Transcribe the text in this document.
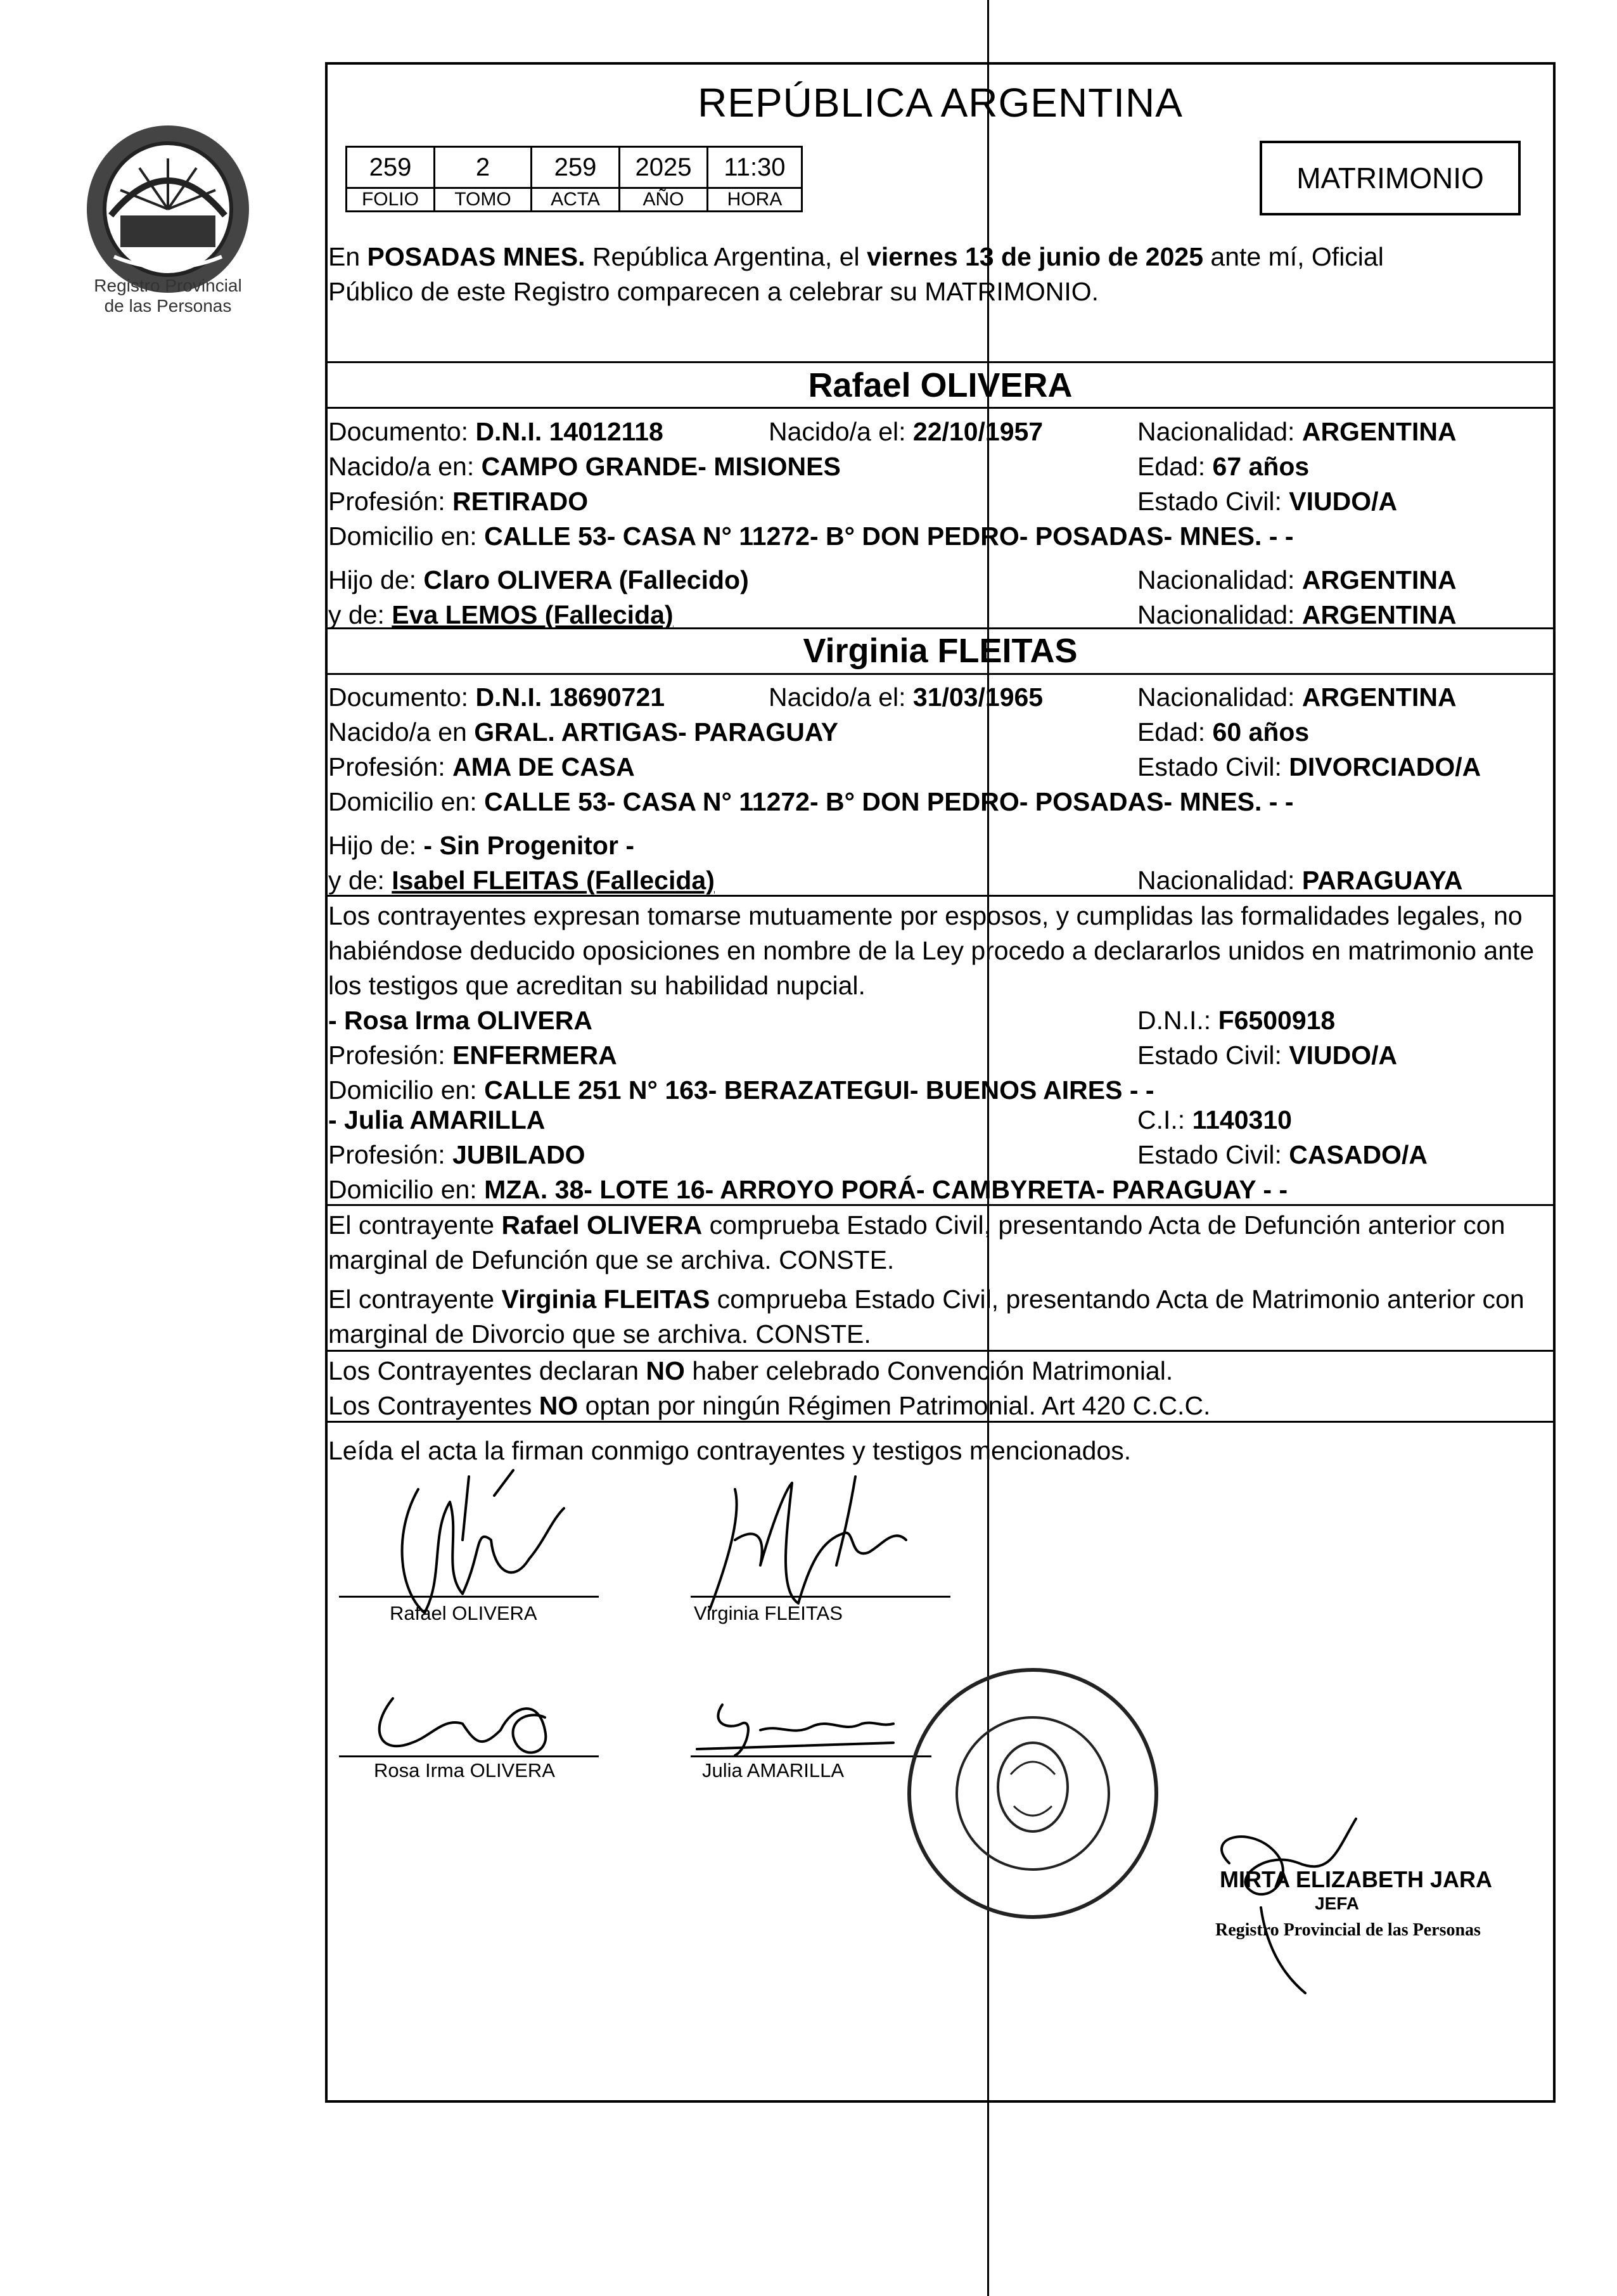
Registro Provincial
de las Personas
REPÚBLICA ARGENTINA
259	2	259	2025	11:30
FOLIO	TOMO	ACTA	AÑO	HORA
MATRIMONIO
En POSADAS MNES. República Argentina, el viernes 13 de junio de 2025 ante mí, Oficial
Público de este Registro comparecen a celebrar su MATRIMONIO.
Rafael OLIVERA
Documento: D.N.I. 14012118	Nacido/a el: 22/10/1957	Nacionalidad: ARGENTINA
Nacido/a en: CAMPO GRANDE- MISIONES	Edad: 67 años
Profesión: RETIRADO	Estado Civil: VIUDO/A
Domicilio en: CALLE 53- CASA N° 11272- B° DON PEDRO- POSADAS- MNES. - -
Hijo de: Claro OLIVERA (Fallecido)	Nacionalidad: ARGENTINA
y de: Eva LEMOS (Fallecida)	Nacionalidad: ARGENTINA
Virginia FLEITAS
Documento: D.N.I. 18690721	Nacido/a el: 31/03/1965	Nacionalidad: ARGENTINA
Nacido/a en GRAL. ARTIGAS- PARAGUAY	Edad: 60 años
Profesión: AMA DE CASA	Estado Civil: DIVORCIADO/A
Domicilio en: CALLE 53- CASA N° 11272- B° DON PEDRO- POSADAS- MNES. - -
Hijo de: - Sin Progenitor -
y de: Isabel FLEITAS (Fallecida)	Nacionalidad: PARAGUAYA
Los contrayentes expresan tomarse mutuamente por esposos, y cumplidas las formalidades legales, no
habiéndose deducido oposiciones en nombre de la Ley procedo a declararlos unidos en matrimonio ante
los testigos que acreditan su habilidad nupcial.
- Rosa Irma OLIVERA	D.N.I.: F6500918
Profesión: ENFERMERA	Estado Civil: VIUDO/A
Domicilio en: CALLE 251 N° 163- BERAZATEGUI- BUENOS AIRES - -
- Julia AMARILLA	C.I.: 1140310
Profesión: JUBILADO	Estado Civil: CASADO/A
Domicilio en: MZA. 38- LOTE 16- ARROYO PORÁ- CAMBYRETA- PARAGUAY - -
El contrayente Rafael OLIVERA comprueba Estado Civil, presentando Acta de Defunción anterior con
marginal de Defunción que se archiva. CONSTE.
El contrayente Virginia FLEITAS comprueba Estado Civil, presentando Acta de Matrimonio anterior con
marginal de Divorcio que se archiva. CONSTE.
Los Contrayentes declaran NO haber celebrado Convención Matrimonial.
Los Contrayentes NO optan por ningún Régimen Patrimonial. Art 420 C.C.C.
Leída el acta la firman conmigo contrayentes y testigos mencionados.
Rafael OLIVERA	Virginia FLEITAS
Rosa Irma OLIVERA	Julia AMARILLA
MIRTA ELIZABETH JARA
JEFA
Registro Provincial de las Personas
